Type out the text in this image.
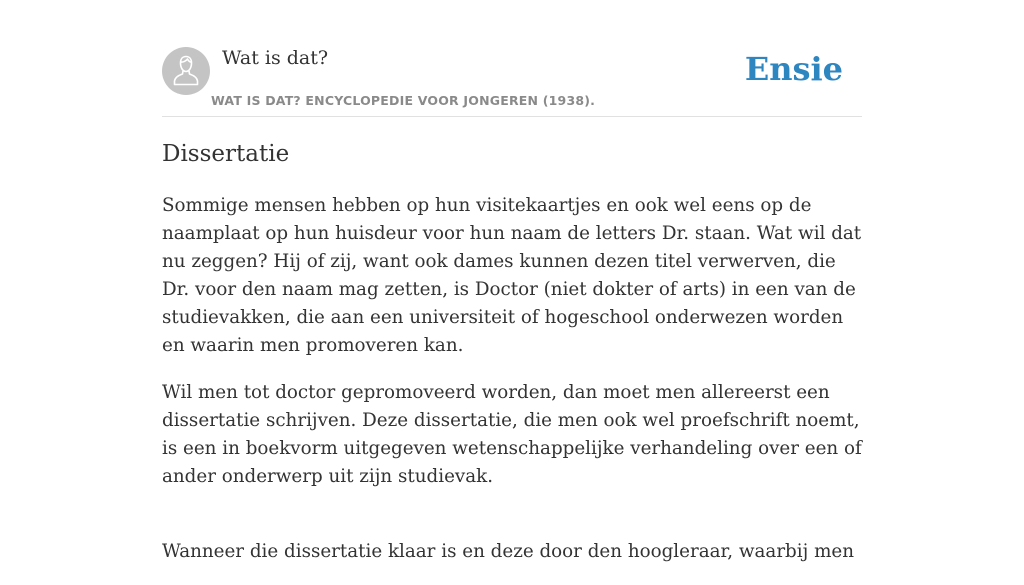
Wat is dat?
WAT IS DAT? ENCYCLOPEDIE VOOR JONGEREN (1938).
Ensie
Dissertatie

Sommige mensen hebben op hun visitekaartjes en ook wel eens op de naamplaat op hun huisdeur voor hun naam de letters Dr. staan. Wat wil dat nu zeggen? Hij of zij, want ook dames kunnen dezen titel verwerven, die Dr. voor den naam mag zetten, is Doctor (niet dokter of arts) in een van de studievakken, die aan een universiteit of hogeschool onderwezen worden en waarin men promoveren kan.

Wil men tot doctor gepromoveerd worden, dan moet men allereerst een dissertatie schrijven. Deze dissertatie, die men ook wel proefschrift noemt, is een in boekvorm uitgegeven wetenschappelijke verhandeling over een of ander onderwerp uit zijn studievak.

Wanneer die dissertatie klaar is en deze door den hoogleraar, waarbij men
